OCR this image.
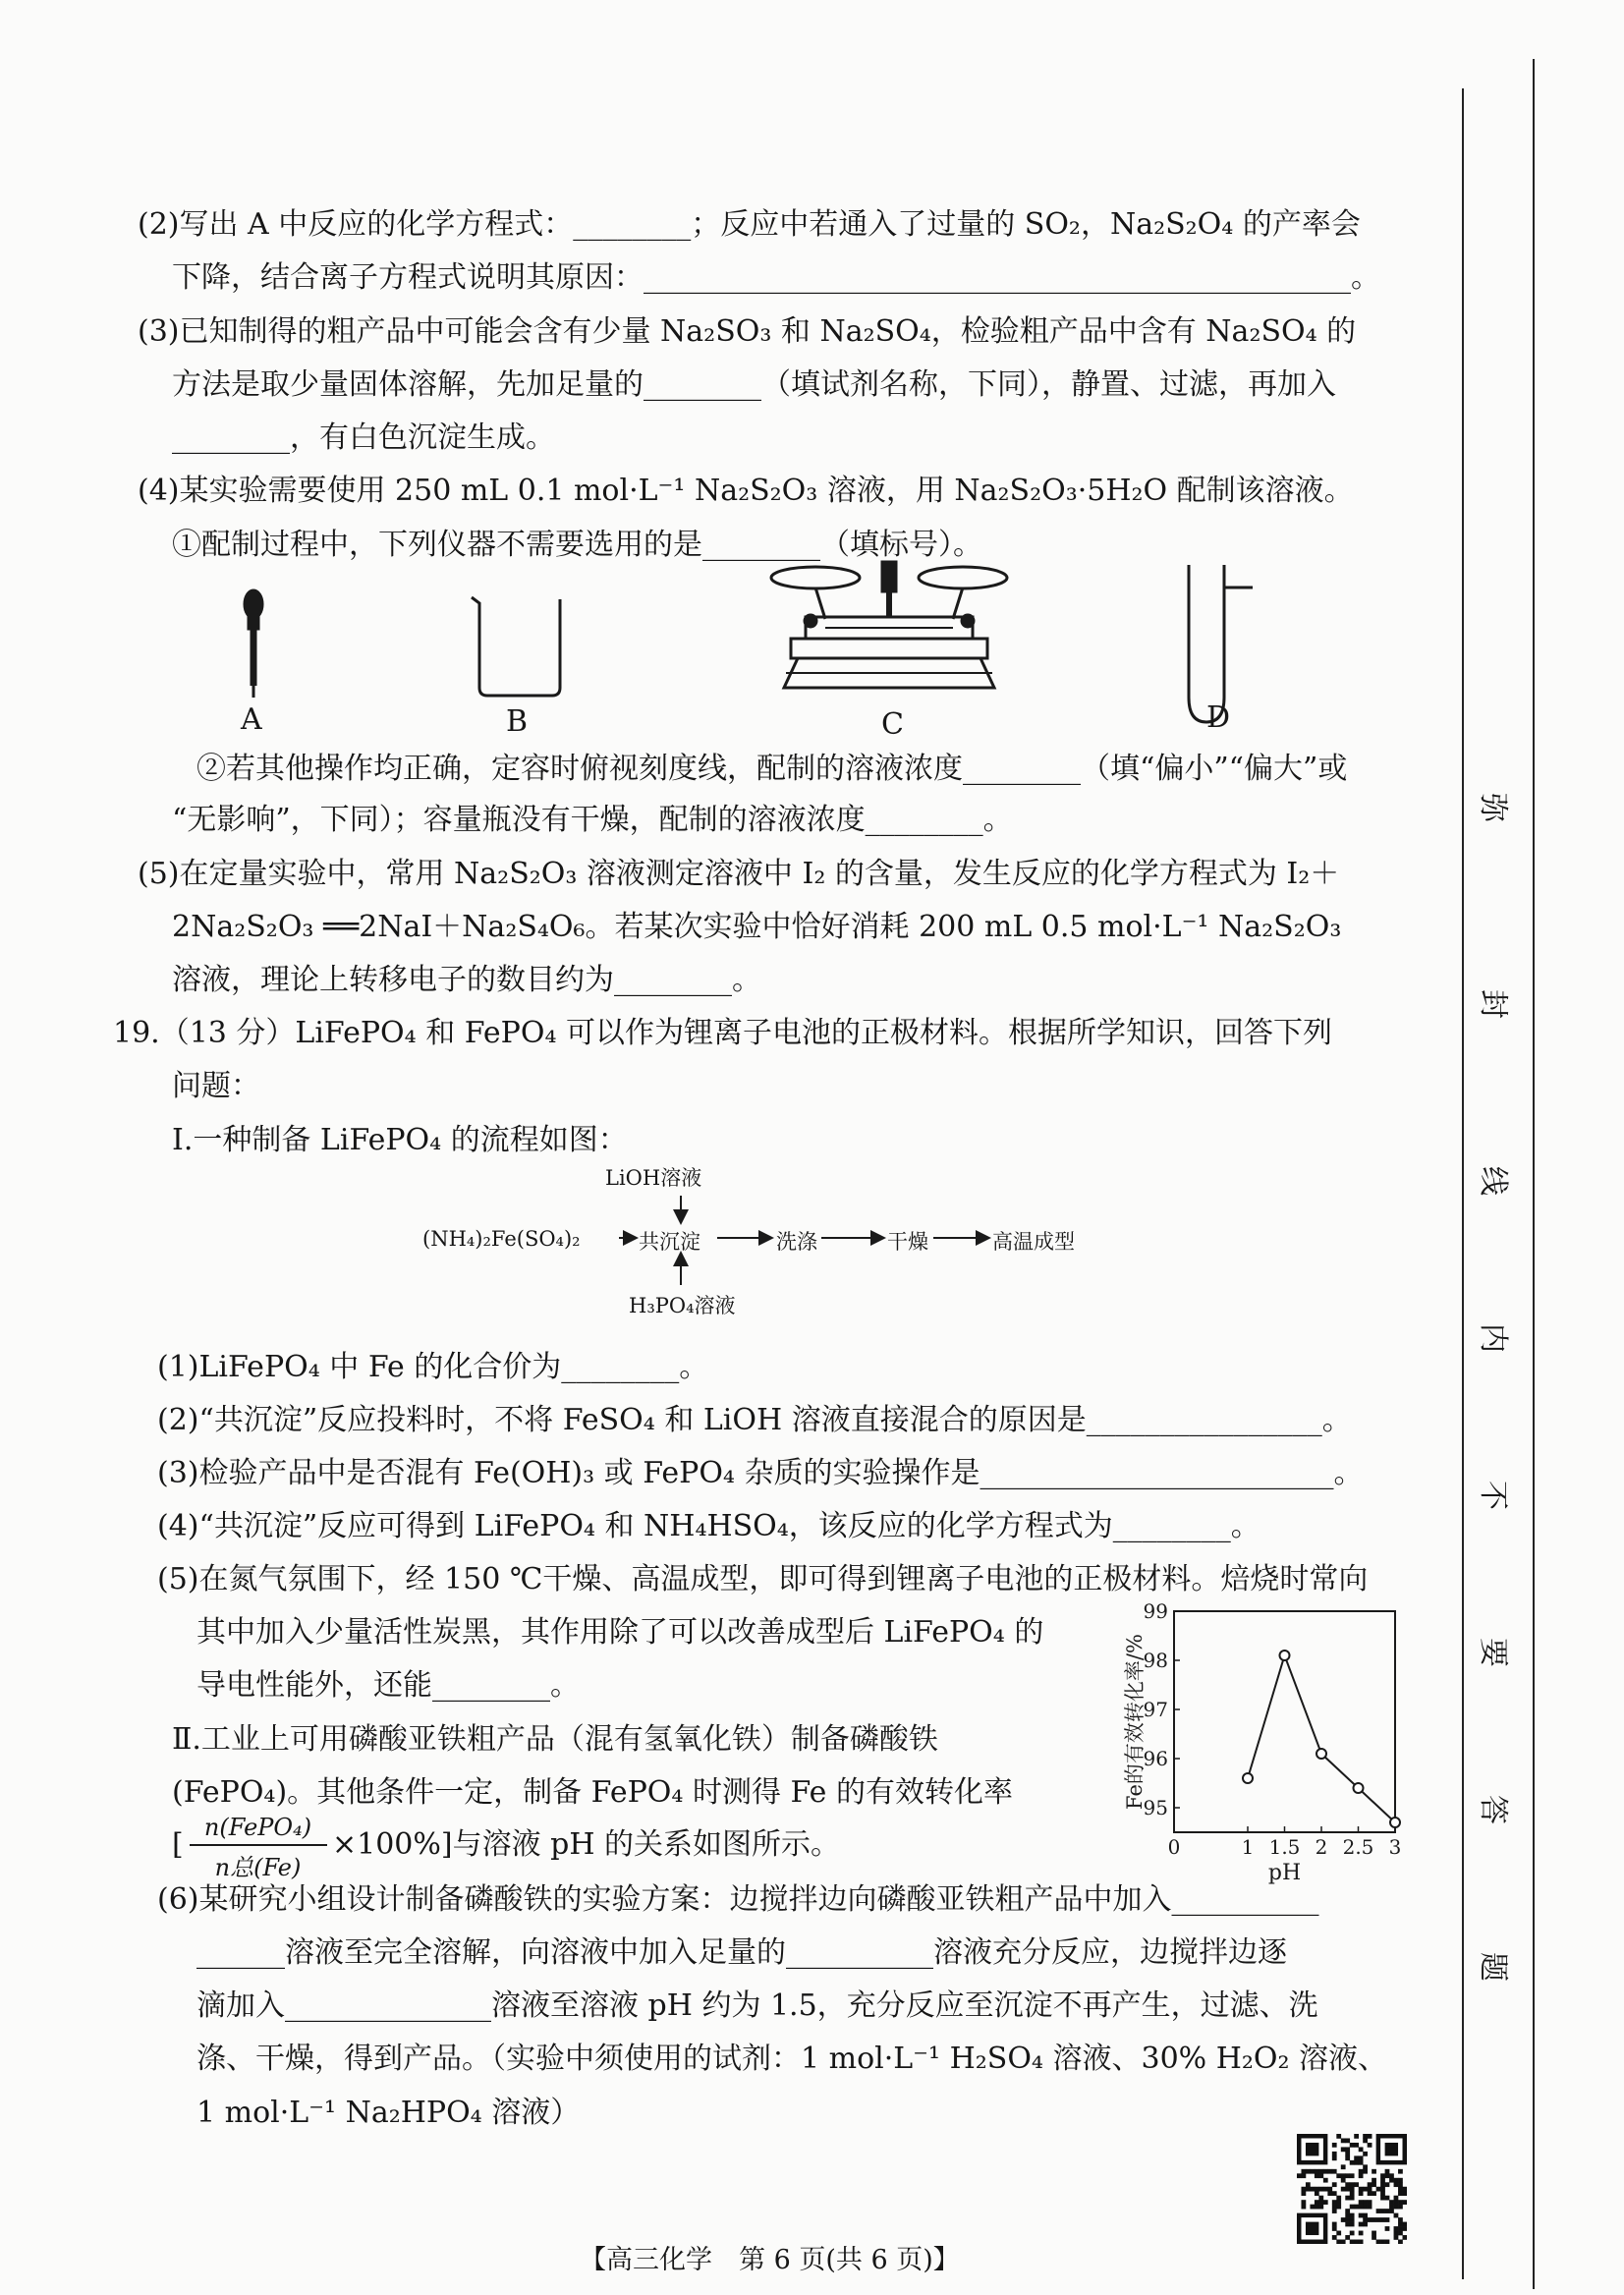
(2)写出 A 中反应的化学方程式：________；反应中若通入了过量的 SO₂，Na₂S₂O₄ 的产率会
下降，结合离子方程式说明其原因：________________________________________________。
(3)已知制得的粗产品中可能会含有少量 Na₂SO₃ 和 Na₂SO₄，检验粗产品中含有 Na₂SO₄ 的
方法是取少量固体溶解，先加足量的________（填试剂名称，下同），静置、过滤，再加入
________，有白色沉淀生成。
(4)某实验需要使用 250 mL 0.1 mol·L⁻¹ Na₂S₂O₃ 溶液，用 Na₂S₂O₃·5H₂O 配制该溶液。
①配制过程中，下列仪器不需要选用的是________（填标号）。
A	B	C	D
②若其他操作均正确，定容时俯视刻度线，配制的溶液浓度________（填“偏小”“偏大”或
“无影响”，下同）；容量瓶没有干燥，配制的溶液浓度________。
(5)在定量实验中，常用 Na₂S₂O₃ 溶液测定溶液中 I₂ 的含量，发生反应的化学方程式为 I₂＋
2Na₂S₂O₃ ══2NaI＋Na₂S₄O₆。若某次实验中恰好消耗 200 mL 0.5 mol·L⁻¹ Na₂S₂O₃
溶液，理论上转移电子的数目约为________。
19.（13 分）LiFePO₄ 和 FePO₄ 可以作为锂离子电池的正极材料。根据所学知识，回答下列
问题：
Ⅰ.一种制备 LiFePO₄ 的流程如图：
LiOH溶液
(NH₄)₂Fe(SO₄)₂	共沉淀	洗涤	干燥	高温成型
H₃PO₄溶液
(1)LiFePO₄ 中 Fe 的化合价为________。
(2)“共沉淀”反应投料时，不将 FeSO₄ 和 LiOH 溶液直接混合的原因是________________。
(3)检验产品中是否混有 Fe(OH)₃ 或 FePO₄ 杂质的实验操作是________________________。
(4)“共沉淀”反应可得到 LiFePO₄ 和 NH₄HSO₄，该反应的化学方程式为________。
(5)在氮气氛围下，经 150 ℃干燥、高温成型，即可得到锂离子电池的正极材料。焙烧时常向
其中加入少量活性炭黑，其作用除了可以改善成型后 LiFePO₄ 的
导电性能外，还能________。
Ⅱ.工业上可用磷酸亚铁粗产品（混有氢氧化铁）制备磷酸铁
(FePO₄)。其他条件一定，制备 FePO₄ 时测得 Fe 的有效转化率
[ n(FePO₄)
n总(Fe)
×100%]与溶液 pH 的关系如图所示。
95
96
97
98
99
0	1 1.5 2 2.5 3
pH
Fe的有效转化率/%
(6)某研究小组设计制备磷酸铁的实验方案：边搅拌边向磷酸亚铁粗产品中加入__________
______溶液至完全溶解，向溶液中加入足量的__________溶液充分反应，边搅拌边逐
滴加入______________溶液至溶液 pH 约为 1.5，充分反应至沉淀不再产生，过滤、洗
涤、干燥，得到产品。（实验中须使用的试剂：1 mol·L⁻¹ H₂SO₄ 溶液、30% H₂O₂ 溶液、
1 mol·L⁻¹ Na₂HPO₄ 溶液）
【高三化学　第 6 页(共 6 页)】
弥
封
线
内
不
要
答
题
